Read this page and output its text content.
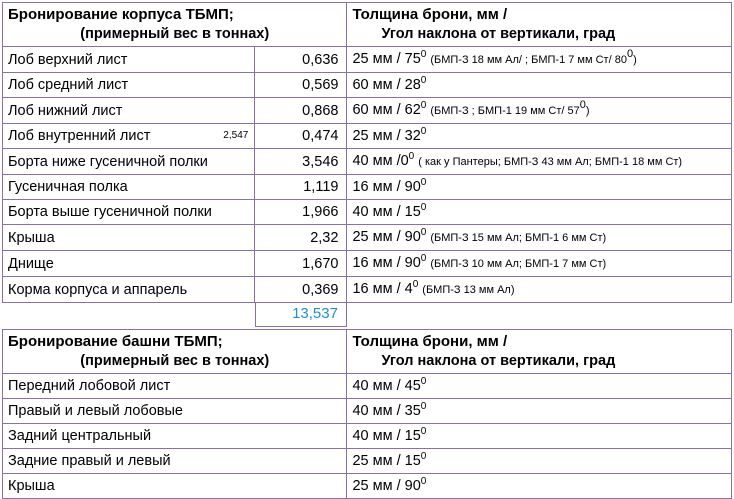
Бронирование корпуса ТБМП;		Толщина брони, мм /

(примерный вес в тоннах)		Угол наклона от вертикали, град

Лоб верхний лист	0,636	25 мм / $75^0$ (БМП-З 18 мм Ал/ ; БМП-1 7 мм Ст/ 80$^0$)

Лоб средний лист	0,569	60 мм / $28^0$

Лоб нижний лист	0,868	60 мм / $62^0$ (БМП-З ; БМП-1 19 мм Ст/ 57$^0$)

Лоб внутренний лист 2,547	0,474	25 мм / $32^0$

Борта ниже гусеничной полки	3,546	40 мм $/0^0$ ( как у Пантеры; БМП-З 43 мм Ал; БМП-1 18 мм Ст)

Гусеничная полка	1,119	16 мм / $90^0$

Борта выше гусеничной полки	1,966	40 мм / $15^0$

Крыша	2,32	25 мм / $90^0$ (БМП-З 15 мм Ал; БМП-1 6 мм Ст)

Днище	1,670	16 мм / $90^0$ (БМП-З 10 мм Ал; БМП-1 7 мм Ст)

Корма корпуса и аппарель	0,369	16 мм / $4^0$ (БМП-З 13 мм Ал)

	13,537	

Бронирование башни ТБМП;	Толщина брони, мм /

(примерный вес в тоннах)	Угол наклона от вертикали, град

Передний лобовой лист	40 мм / $45^0$

Правый и левый лобовые	40 мм / $35^0$

Задний центральный	40 мм / $15^0$

Задние правый и левый	25 мм / $15^0$

Крыша	25 мм / $90^0$
